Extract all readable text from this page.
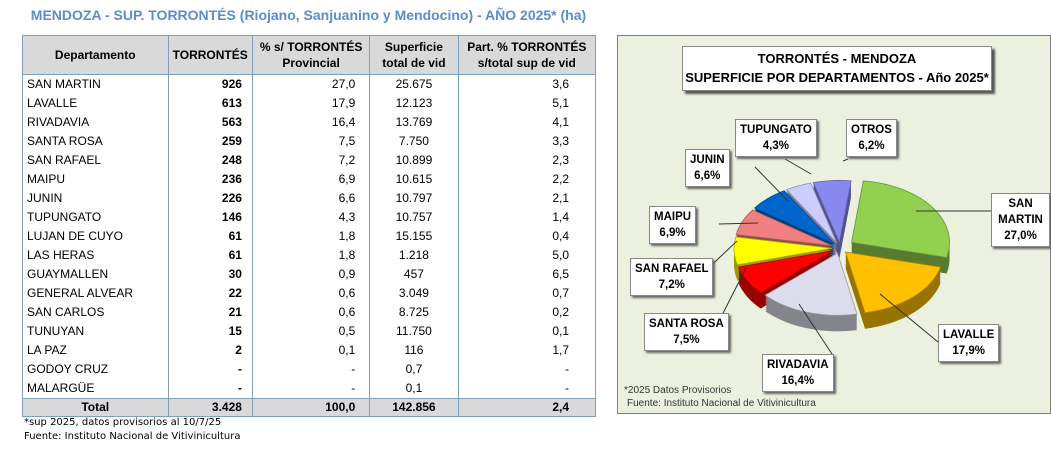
MENDOZA - SUP. TORRONTÉS (Riojano, Sanjuanino y Mendocino) - AÑO 2025* (ha)
Departamento	TORRONTÉS	% s/ TORRONTÉS Provincial	Superficie total de vid	Part. % TORRONTÉS s/total sup de vid
SAN MARTIN	926	27,0	25.675	3,6
LAVALLE	613	17,9	12.123	5,1
RIVADAVIA	563	16,4	13.769	4,1
SANTA ROSA	259	7,5	7.750	3,3
SAN RAFAEL	248	7,2	10.899	2,3
MAIPU	236	6,9	10.615	2,2
JUNIN	226	6,6	10.797	2,1
TUPUNGATO	146	4,3	10.757	1,4
LUJAN DE CUYO	61	1,8	15.155	0,4
LAS HERAS	61	1,8	1.218	5,0
GUAYMALLEN	30	0,9	457	6,5
GENERAL ALVEAR	22	0,6	3.049	0,7
SAN CARLOS	21	0,6	8.725	0,2
TUNUYAN	15	0,5	11.750	0,1
LA PAZ	2	0,1	116	1,7
GODOY CRUZ	-	-	0,7	-
MALARGÜE	-	-	0,1	-
Total	3.428	100,0	142.856	2,4
*sup 2025, datos provisorios al 10/7/25
Fuente: Instituto Nacional de Vitivinicultura
TORRONTÉS - MENDOZA
SUPERFICIE POR DEPARTAMENTOS - Año 2025*
SAN MARTIN
27,0%
LAVALLE
17,9%
RIVADAVIA
16,4%
SANTA ROSA
7,5%
SAN RAFAEL
7,2%
MAIPU
6,9%
JUNIN
6,6%
TUPUNGATO
4,3%
OTROS
6,2%
*2025 Datos Provisorios
Fuente: Instituto Nacional de Vitivinicultura
